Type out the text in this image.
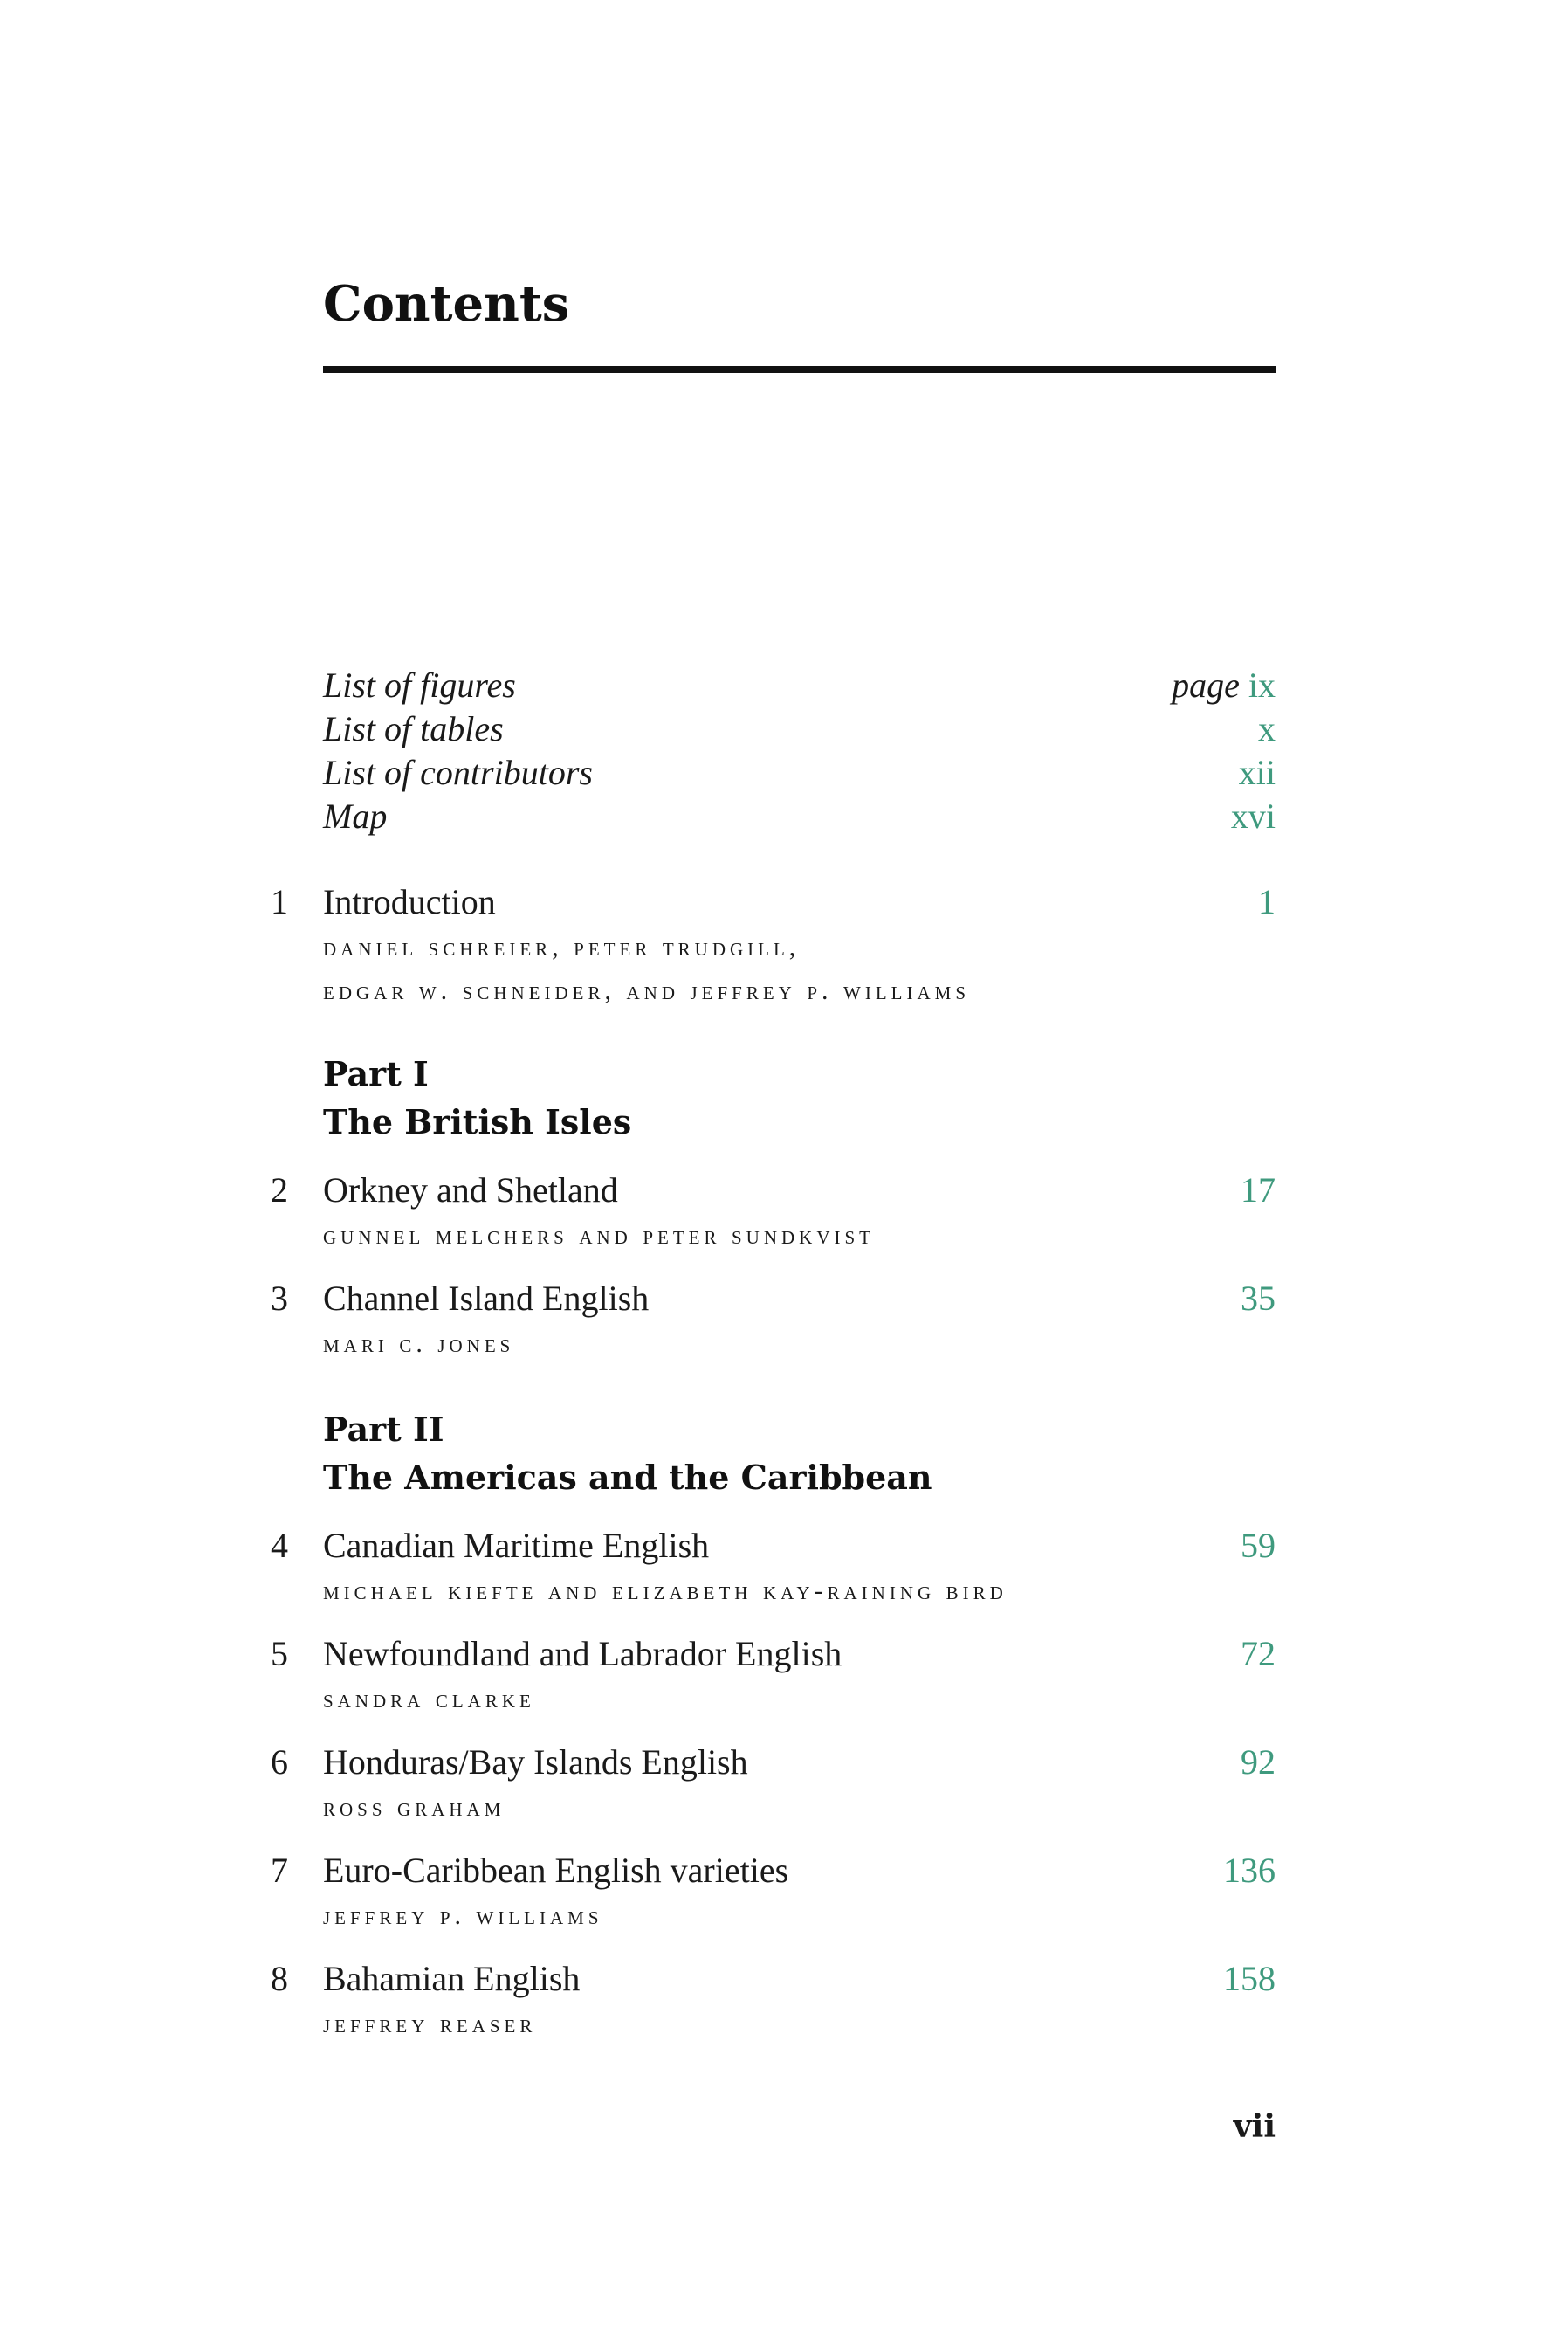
Contents
List of figures	page ix
List of tables	x
List of contributors	xii
Map	xvi
1 Introduction	1
daniel schreier, peter trudgill,
edgar w. schneider, and jeffrey p. williams
Part I
The British Isles
2 Orkney and Shetland	17
gunnel melchers and peter sundkvist
3 Channel Island English	35
mari c. jones
Part II
The Americas and the Caribbean
4 Canadian Maritime English	59
michael kiefte and elizabeth kay-raining bird
5 Newfoundland and Labrador English	72
sandra clarke
6 Honduras/Bay Islands English	92
ross graham
7 Euro-Caribbean English varieties	136
jeffrey p. williams
8 Bahamian English	158
jeffrey reaser
vii
